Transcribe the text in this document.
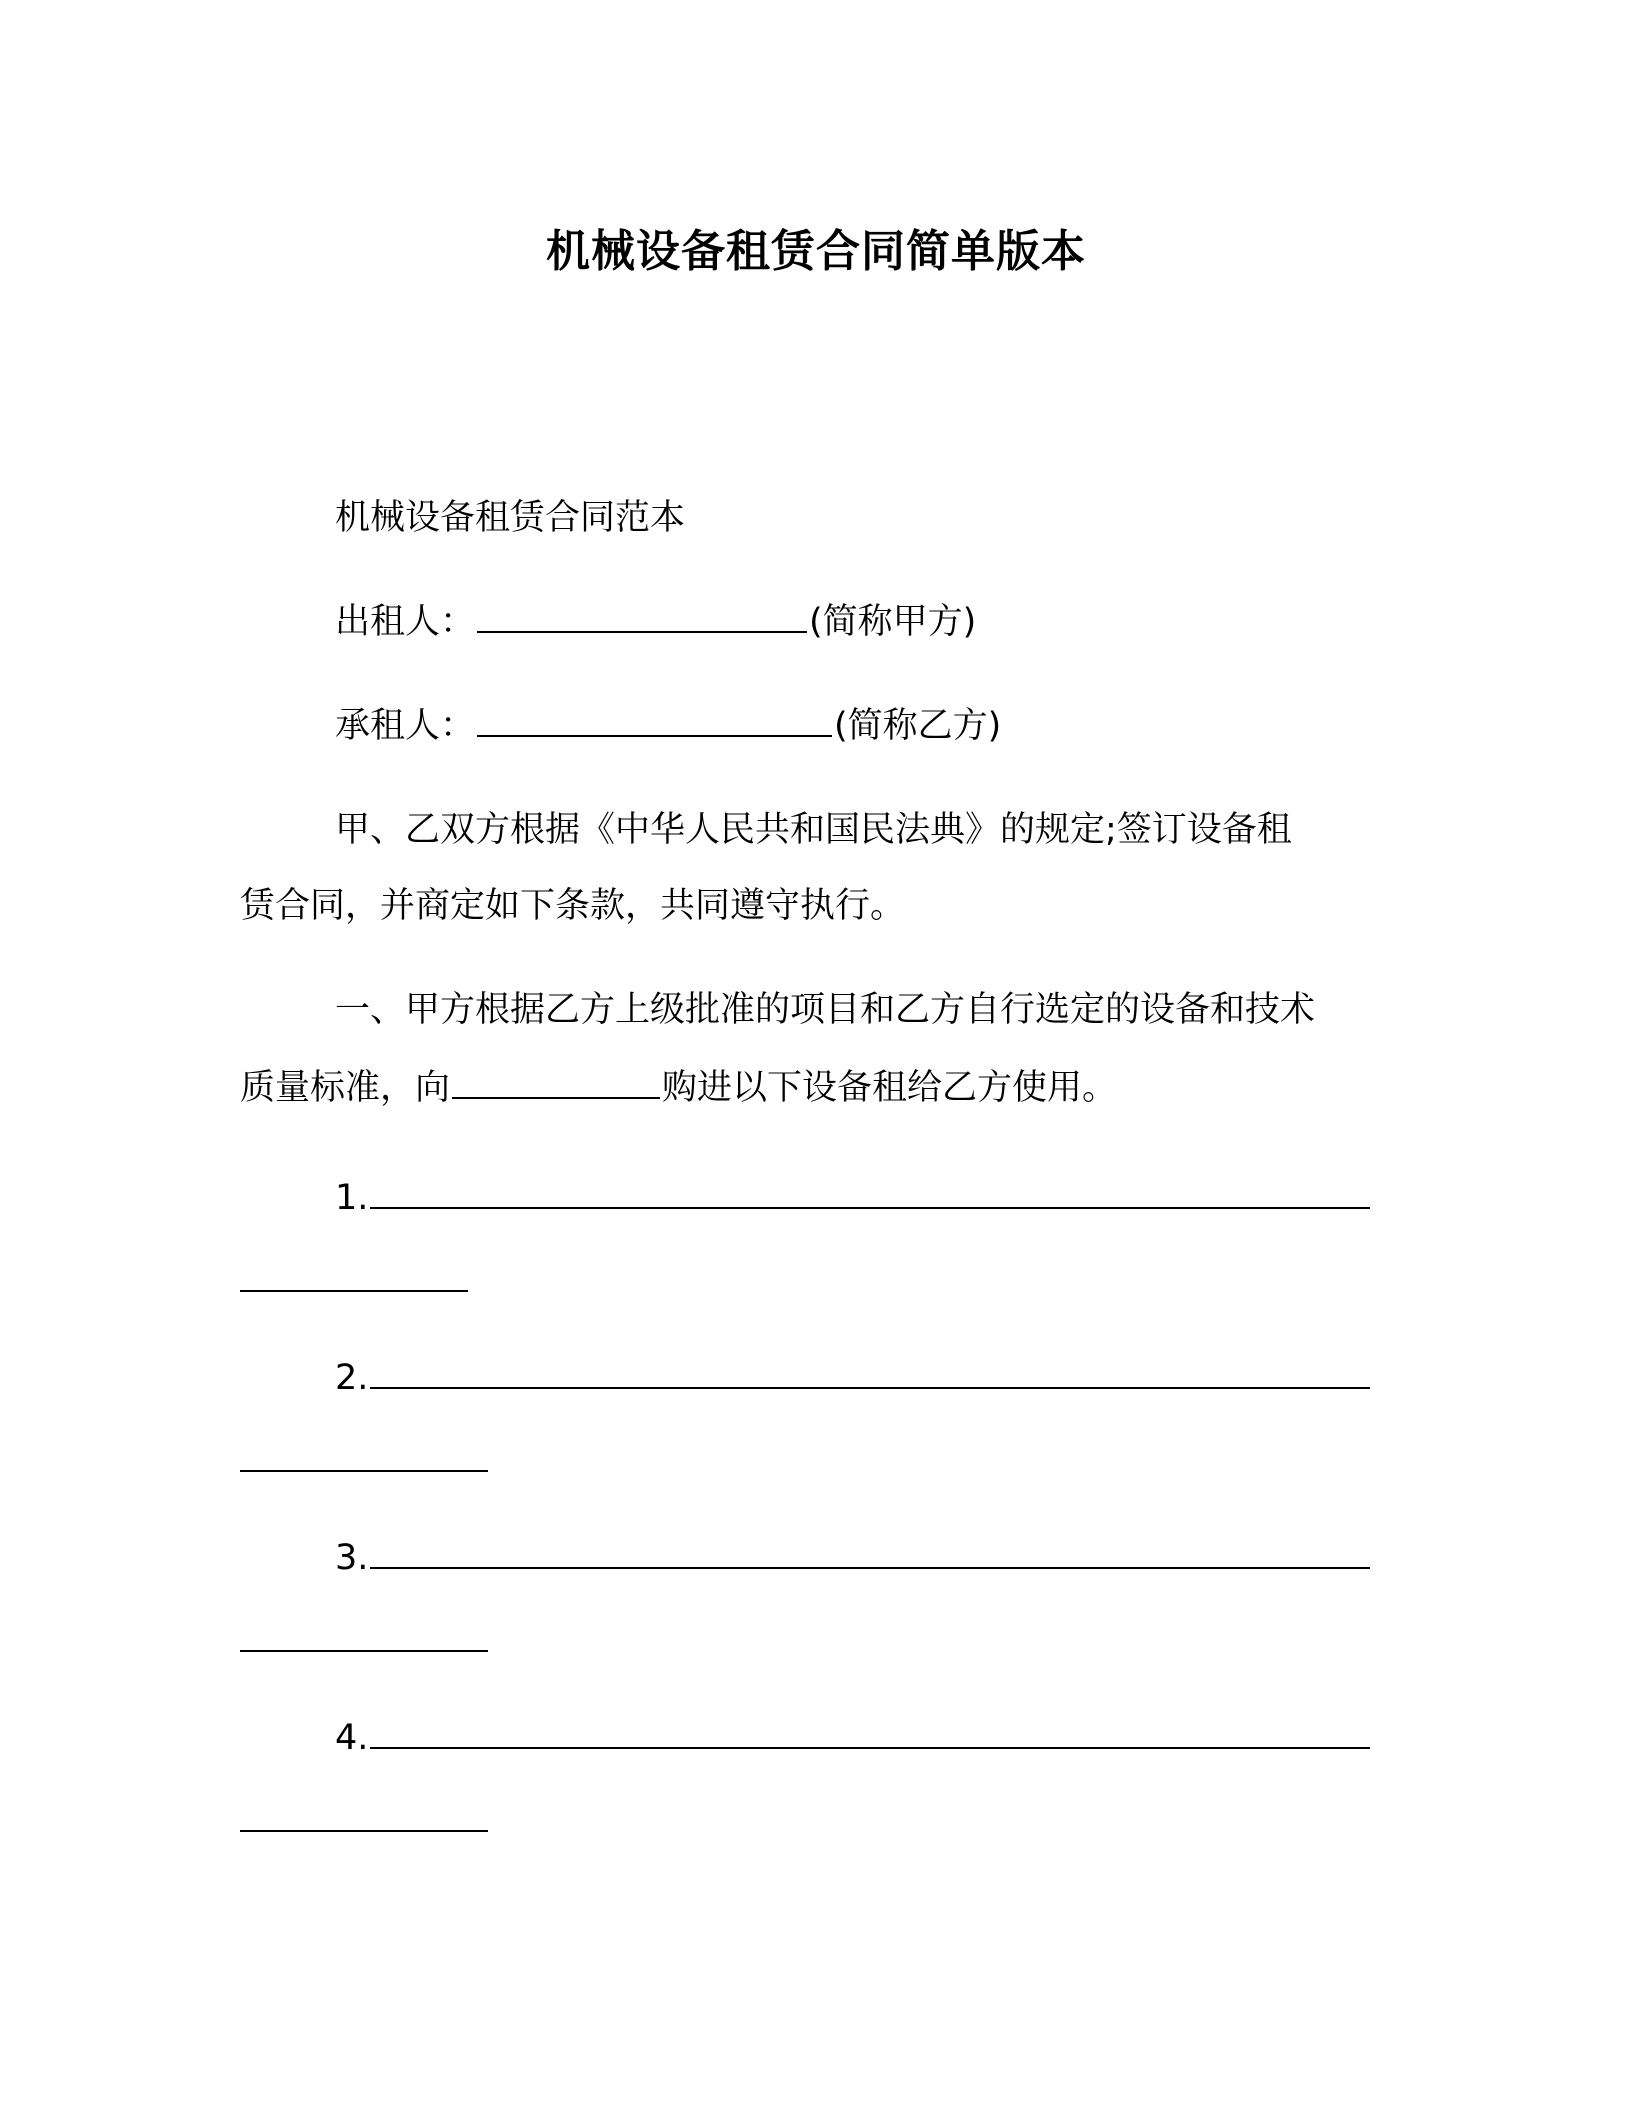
机械设备租赁合同简单版本
机械设备租赁合同范本
出租人：	(简称甲方)
承租人：	(简称乙方)
甲、乙双方根据《中华人民共和国民法典》的规定;签订设备租
赁合同，并商定如下条款，共同遵守执行。
一、甲方根据乙方上级批准的项目和乙方自行选定的设备和技术
质量标准，向	购进以下设备租给乙方使用。
1.
2.
3.
4.
